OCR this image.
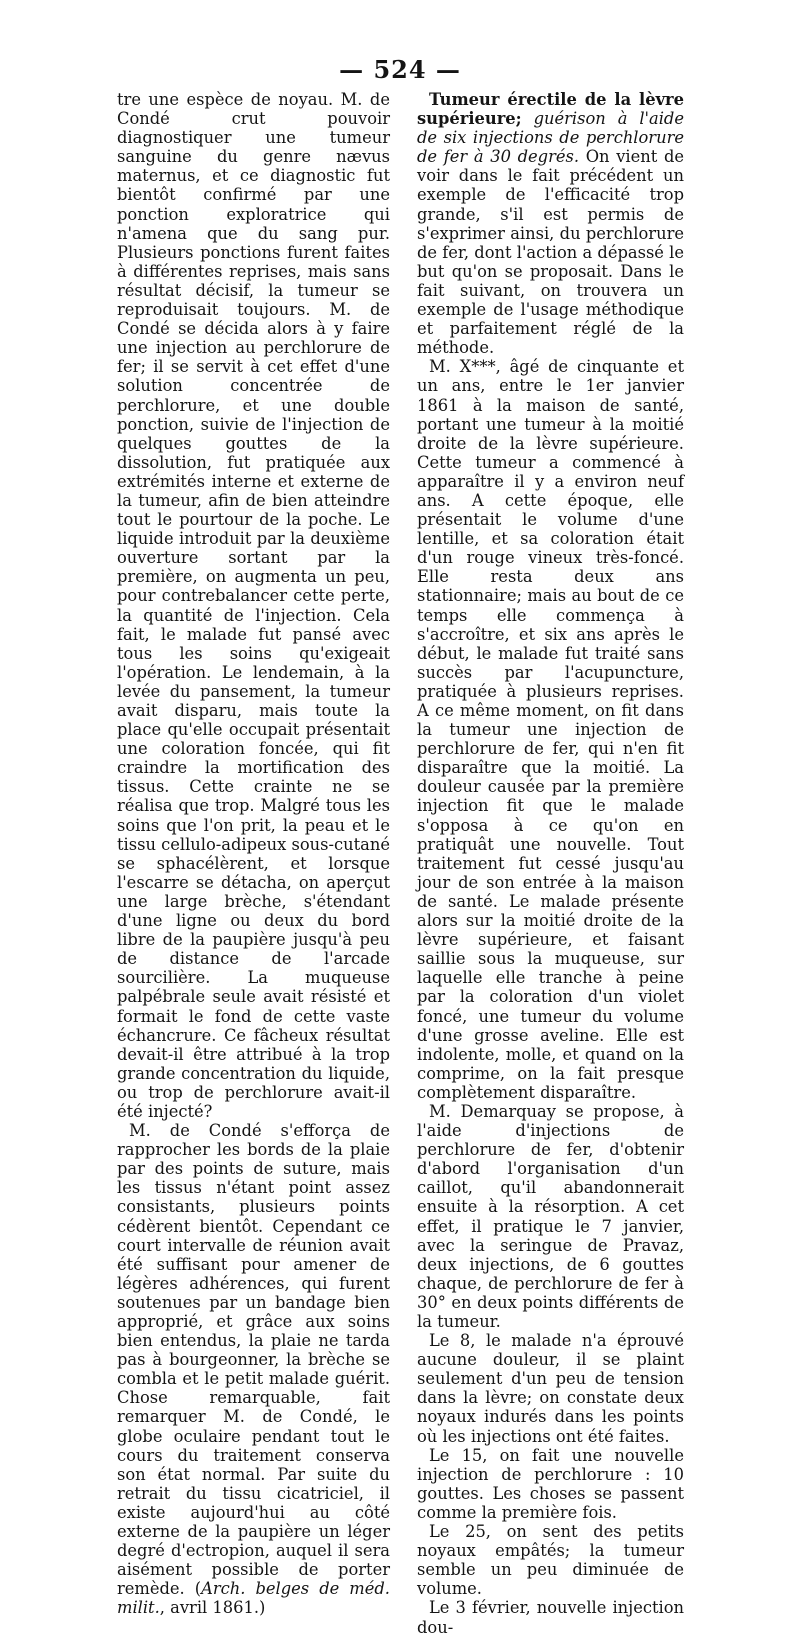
— 524 —

tre une espèce de noyau. M. de Condé crut pouvoir diagnostiquer une tumeur sanguine du genre nævus maternus, et ce diagnostic fut bientôt confirmé par une ponction exploratrice qui n'amena que du sang pur. Plusieurs ponctions furent faites à différentes reprises, mais sans résultat décisif, la tumeur se reproduisait toujours. M. de Condé se décida alors à y faire une injection au perchlorure de fer; il se servit à cet effet d'une solution concentrée de perchlorure, et une double ponction, suivie de l'injection de quelques gouttes de la dissolution, fut pratiquée aux extrémités interne et externe de la tumeur, afin de bien atteindre tout le pourtour de la poche. Le liquide introduit par la deuxième ouverture sortant par la première, on augmenta un peu, pour contrebalancer cette perte, la quantité de l'injection. Cela fait, le malade fut pansé avec tous les soins qu'exigeait l'opération. Le lendemain, à la levée du pansement, la tumeur avait disparu, mais toute la place qu'elle occupait présentait une coloration foncée, qui fit craindre la mortification des tissus. Cette crainte ne se réalisa que trop. Malgré tous les soins que l'on prit, la peau et le tissu cellulo-adipeux sous-cutané se sphacélèrent, et lorsque l'escarre se détacha, on aperçut une large brèche, s'étendant d'une ligne ou deux du bord libre de la paupière jusqu'à peu de distance de l'arcade sourcilière. La muqueuse palpébrale seule avait résisté et formait le fond de cette vaste échancrure. Ce fâcheux résultat devait-il être attribué à la trop grande concentration du liquide, ou trop de perchlorure avait-il été injecté?

M. de Condé s'efforça de rapprocher les bords de la plaie par des points de suture, mais les tissus n'étant point assez consistants, plusieurs points cédèrent bientôt. Cependant ce court intervalle de réunion avait été suffisant pour amener de légères adhérences, qui furent soutenues par un bandage bien approprié, et grâce aux soins bien entendus, la plaie ne tarda pas à bourgeonner, la brèche se combla et le petit malade guérit. Chose remarquable, fait remarquer M. de Condé, le globe oculaire pendant tout le cours du traitement conserva son état normal. Par suite du retrait du tissu cicatriciel, il existe aujourd'hui au côté externe de la paupière un léger degré d'ectropion, auquel il sera aisément possible de porter remède. (Arch. belges de méd. milit., avril 1861.)

Tumeur érectile de la lèvre supérieure; guérison à l'aide de six injections de perchlorure de fer à 30 degrés. On vient de voir dans le fait précédent un exemple de l'efficacité trop grande, s'il est permis de s'exprimer ainsi, du perchlorure de fer, dont l'action a dépassé le but qu'on se proposait. Dans le fait suivant, on trouvera un exemple de l'usage méthodique et parfaitement réglé de la méthode.

M. X***, âgé de cinquante et un ans, entre le 1er janvier 1861 à la maison de santé, portant une tumeur à la moitié droite de la lèvre supérieure. Cette tumeur a commencé à apparaître il y a environ neuf ans. A cette époque, elle présentait le volume d'une lentille, et sa coloration était d'un rouge vineux très-foncé. Elle resta deux ans stationnaire; mais au bout de ce temps elle commença à s'accroître, et six ans après le début, le malade fut traité sans succès par l'acupuncture, pratiquée à plusieurs reprises. A ce même moment, on fit dans la tumeur une injection de perchlorure de fer, qui n'en fit disparaître que la moitié. La douleur causée par la première injection fit que le malade s'opposa à ce qu'on en pratiquât une nouvelle. Tout traitement fut cessé jusqu'au jour de son entrée à la maison de santé. Le malade présente alors sur la moitié droite de la lèvre supérieure, et faisant saillie sous la muqueuse, sur laquelle elle tranche à peine par la coloration d'un violet foncé, une tumeur du volume d'une grosse aveline. Elle est indolente, molle, et quand on la comprime, on la fait presque complètement disparaître.

M. Demarquay se propose, à l'aide d'injections de perchlorure de fer, d'obtenir d'abord l'organisation d'un caillot, qu'il abandonnerait ensuite à la résorption. A cet effet, il pratique le 7 janvier, avec la seringue de Pravaz, deux injections, de 6 gouttes chaque, de perchlorure de fer à 30° en deux points différents de la tumeur.

Le 8, le malade n'a éprouvé aucune douleur, il se plaint seulement d'un peu de tension dans la lèvre; on constate deux noyaux indurés dans les points où les injections ont été faites.

Le 15, on fait une nouvelle injection de perchlorure : 10 gouttes. Les choses se passent comme la première fois.

Le 25, on sent des petits noyaux empâtés; la tumeur semble un peu diminuée de volume.

Le 3 février, nouvelle injection dou-
